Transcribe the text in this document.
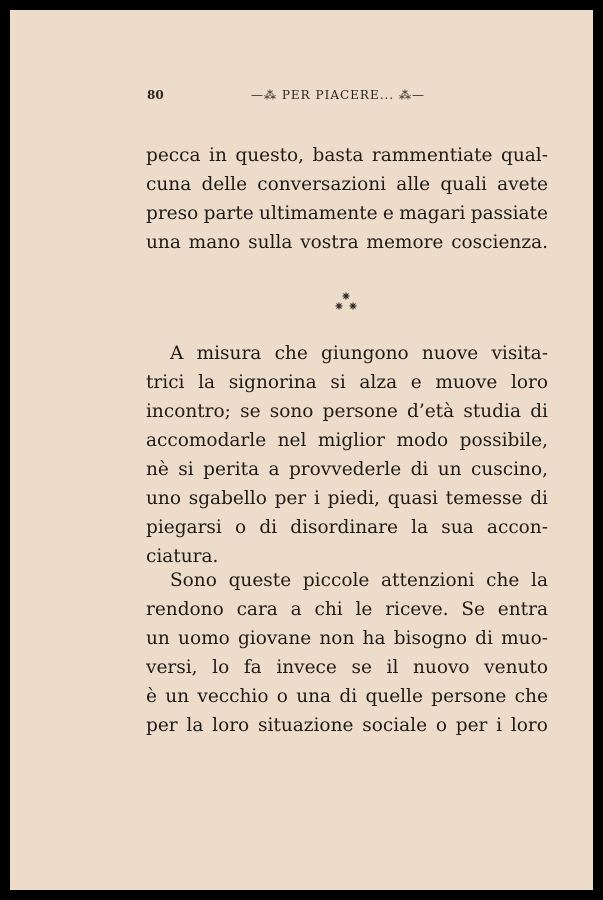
80	—⁂ PER PIACERE... ⁂—
pecca in questo, basta rammentiate qual-
cuna delle conversazioni alle quali avete
preso parte ultimamente e magari passiate
una mano sulla vostra memore coscienza.
A misura che giungono nuove visita-
trici la signorina si alza e muove loro
incontro; se sono persone d’età studia di
accomodarle nel miglior modo possibile,
nè si perita a provvederle di un cuscino,
uno sgabello per i piedi, quasi temesse di
piegarsi o di disordinare la sua accon-
ciatura.
Sono queste piccole attenzioni che la
rendono cara a chi le riceve. Se entra
un uomo giovane non ha bisogno di muo-
versi, lo fa invece se il nuovo venuto
è un vecchio o una di quelle persone che
per la loro situazione sociale o per i loro
